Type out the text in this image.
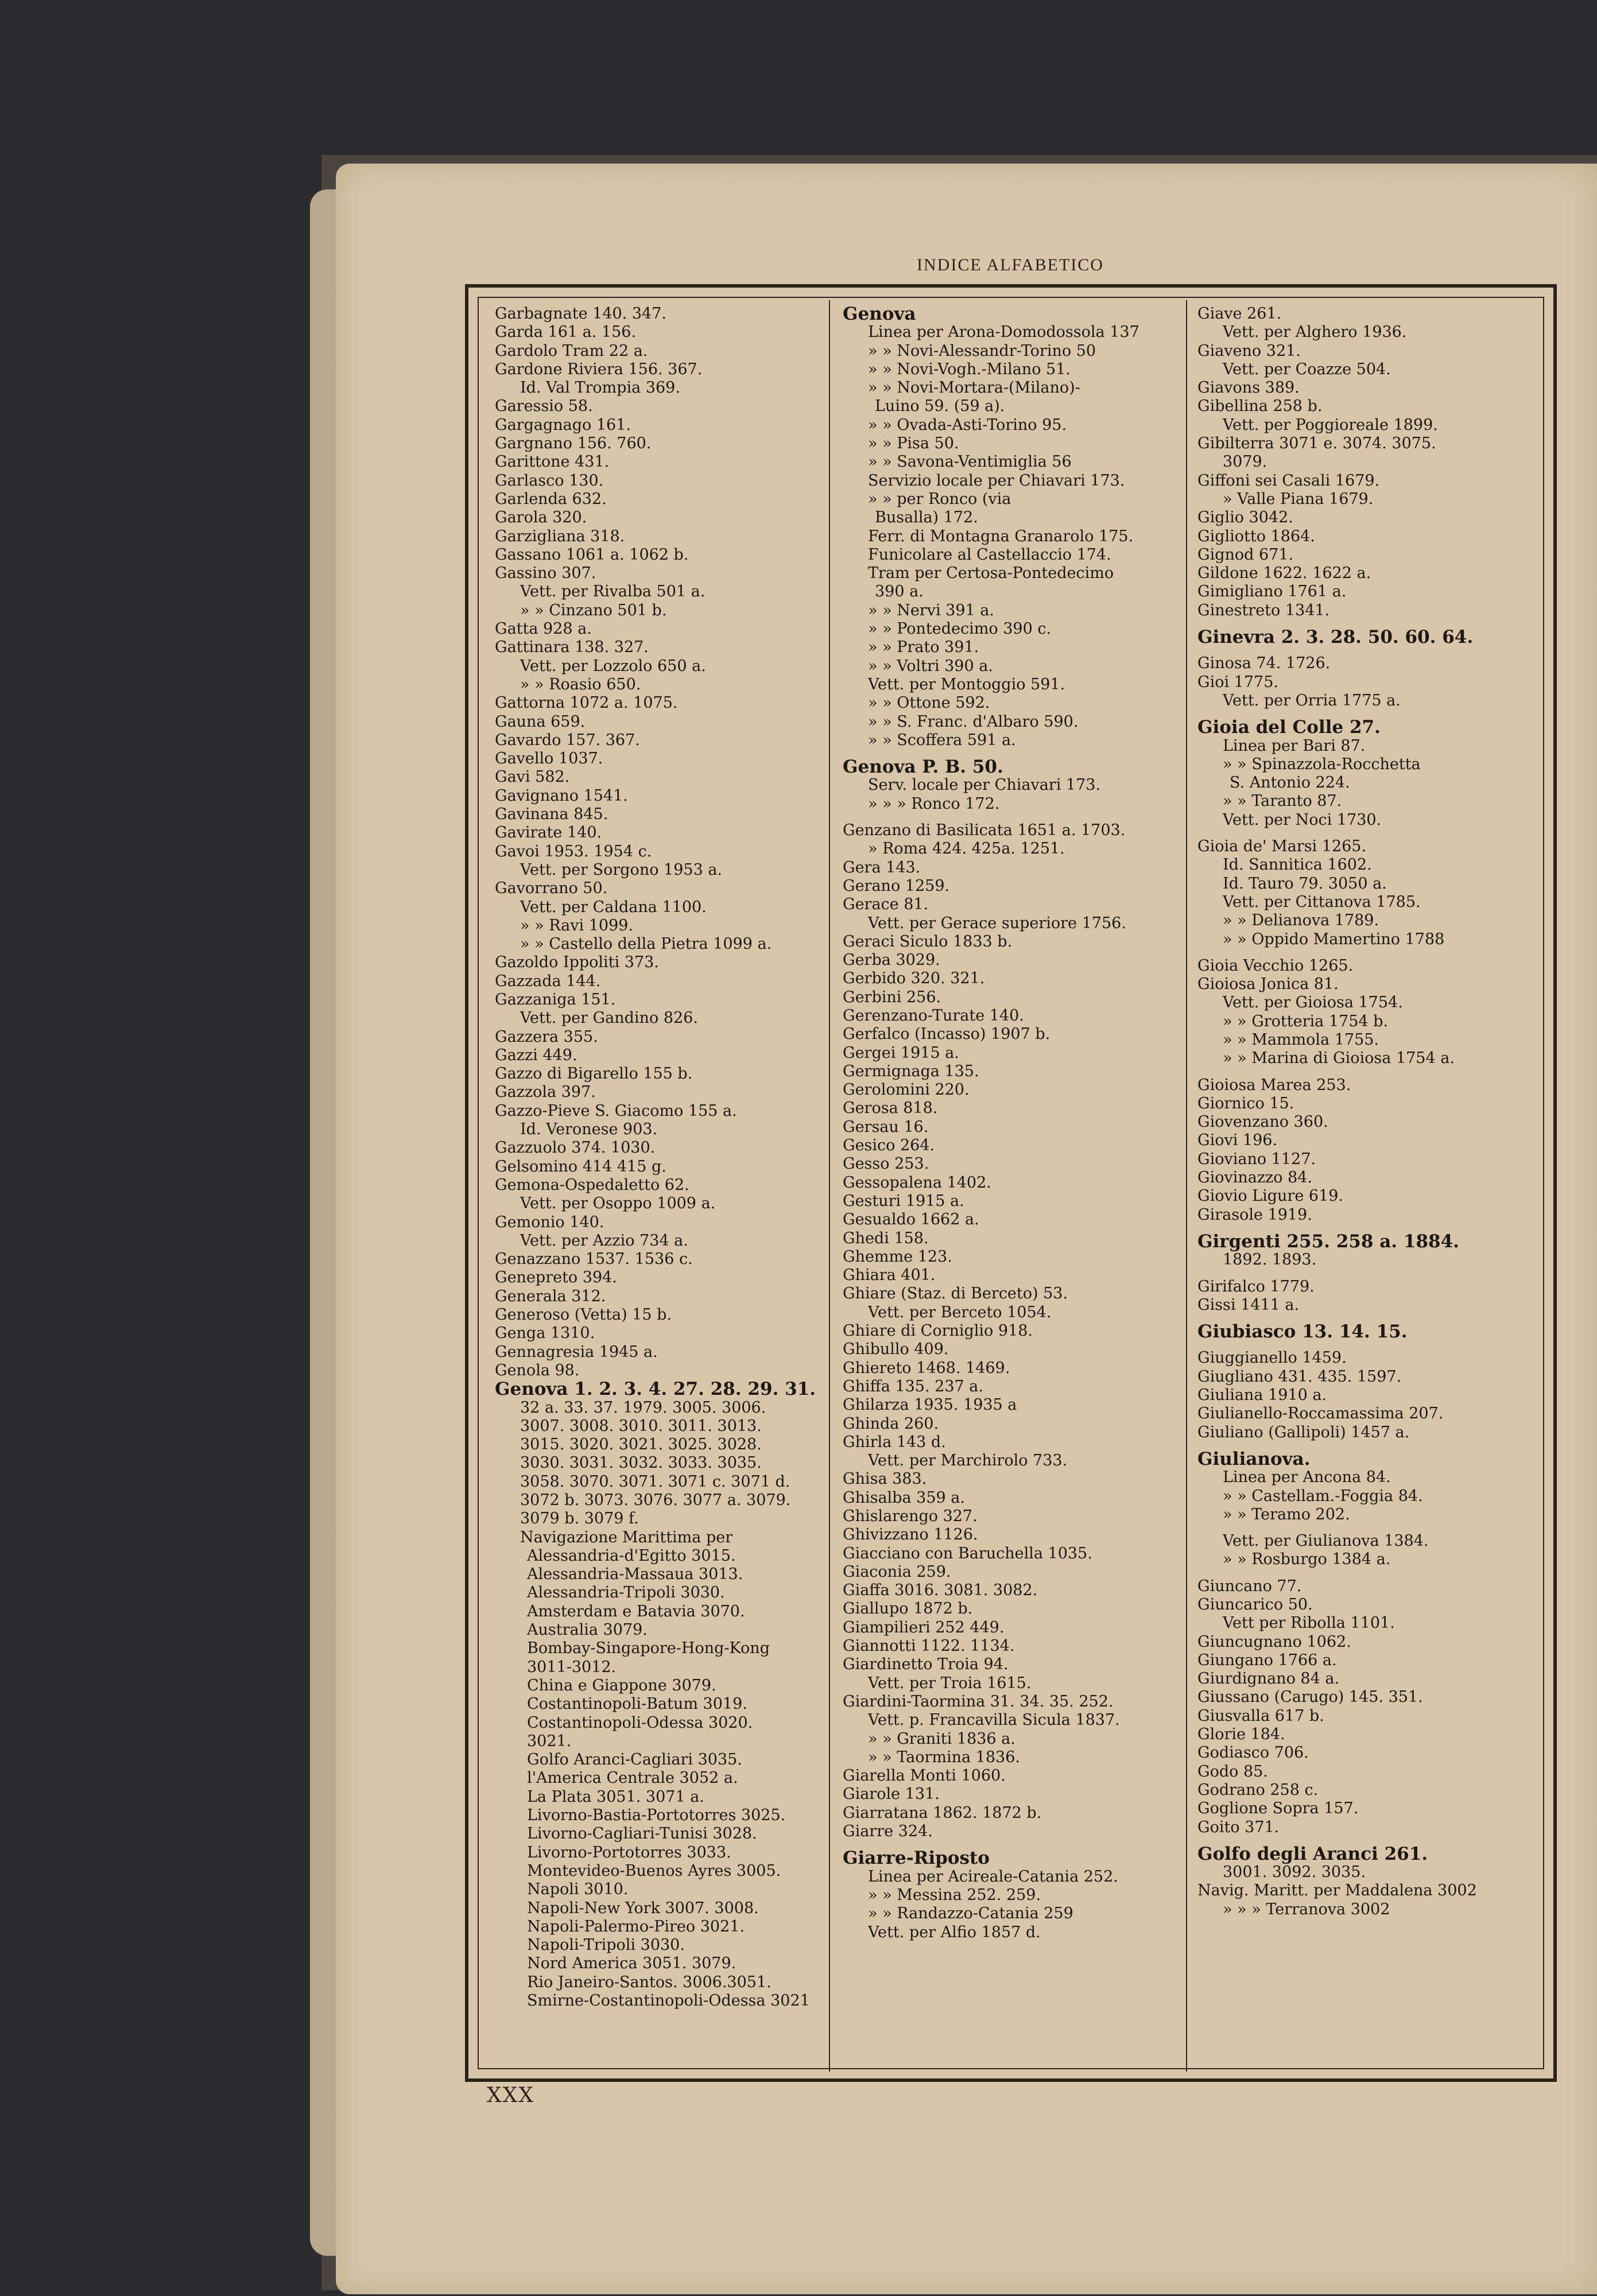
INDICE ALFABETICO
Garbagnate 140. 347.
Garda 161 a. 156.
Gardolo Tram 22 a.
Gardone Riviera 156. 367.
Id. Val Trompia 369.
Garessio 58.
Gargagnago 161.
Gargnano 156. 760.
Garittone 431.
Garlasco 130.
Garlenda 632.
Garola 320.
Garzigliana 318.
Gassano 1061 a. 1062 b.
Gassino 307.
Vett. per Rivalba 501 a.
» » Cinzano 501 b.
Gatta 928 a.
Gattinara 138. 327.
Vett. per Lozzolo 650 a.
» » Roasio 650.
Gattorna 1072 a. 1075.
Gauna 659.
Gavardo 157. 367.
Gavello 1037.
Gavi 582.
Gavignano 1541.
Gavinana 845.
Gavirate 140.
Gavoi 1953. 1954 c.
Vett. per Sorgono 1953 a.
Gavorrano 50.
Vett. per Caldana 1100.
» » Ravi 1099.
» » Castello della Pietra 1099 a.
Gazoldo Ippoliti 373.
Gazzada 144.
Gazzaniga 151.
Vett. per Gandino 826.
Gazzera 355.
Gazzi 449.
Gazzo di Bigarello 155 b.
Gazzola 397.
Gazzo-Pieve S. Giacomo 155 a.
Id. Veronese 903.
Gazzuolo 374. 1030.
Gelsomino 414 415 g.
Gemona-Ospedaletto 62.
Vett. per Osoppo 1009 a.
Gemonio 140.
Vett. per Azzio 734 a.
Genazzano 1537. 1536 c.
Genepreto 394.
Generala 312.
Generoso (Vetta) 15 b.
Genga 1310.
Gennagresia 1945 a.
Genola 98.
Genova 1. 2. 3. 4. 27. 28. 29. 31.
32 a. 33. 37. 1979. 3005. 3006.
3007. 3008. 3010. 3011. 3013.
3015. 3020. 3021. 3025. 3028.
3030. 3031. 3032. 3033. 3035.
3058. 3070. 3071. 3071 c. 3071 d.
3072 b. 3073. 3076. 3077 a. 3079.
3079 b. 3079 f.
Navigazione Marittima per
Alessandria-d'Egitto 3015.
Alessandria-Massaua 3013.
Alessandria-Tripoli 3030.
Amsterdam e Batavia 3070.
Australia 3079.
Bombay-Singapore-Hong-Kong
3011-3012.
China e Giappone 3079.
Costantinopoli-Batum 3019.
Costantinopoli-Odessa 3020.
3021.
Golfo Aranci-Cagliari 3035.
l'America Centrale 3052 a.
La Plata 3051. 3071 a.
Livorno-Bastia-Portotorres 3025.
Livorno-Cagliari-Tunisi 3028.
Livorno-Portotorres 3033.
Montevideo-Buenos Ayres 3005.
Napoli 3010.
Napoli-New York 3007. 3008.
Napoli-Palermo-Pireo 3021.
Napoli-Tripoli 3030.
Nord America 3051. 3079.
Rio Janeiro-Santos. 3006.3051.
Smirne-Costantinopoli-Odessa 3021
Genova
Linea per Arona-Domodossola 137
» » Novi-Alessandr-Torino 50
» » Novi-Vogh.-Milano 51.
» » Novi-Mortara-(Milano)-
Luino 59. (59 a).
» » Ovada-Asti-Torino 95.
» » Pisa 50.
» » Savona-Ventimiglia 56
Servizio locale per Chiavari 173.
» » per Ronco (via
Busalla) 172.
Ferr. di Montagna Granarolo 175.
Funicolare al Castellaccio 174.
Tram per Certosa-Pontedecimo
390 a.
» » Nervi 391 a.
» » Pontedecimo 390 c.
» » Prato 391.
» » Voltri 390 a.
Vett. per Montoggio 591.
» » Ottone 592.
» » S. Franc. d'Albaro 590.
» » Scoffera 591 a.
Genova P. B. 50.
Serv. locale per Chiavari 173.
» » » Ronco 172.
Genzano di Basilicata 1651 a. 1703.
» Roma 424. 425a. 1251.
Gera 143.
Gerano 1259.
Gerace 81.
Vett. per Gerace superiore 1756.
Geraci Siculo 1833 b.
Gerba 3029.
Gerbido 320. 321.
Gerbini 256.
Gerenzano-Turate 140.
Gerfalco (Incasso) 1907 b.
Gergei 1915 a.
Germignaga 135.
Gerolomini 220.
Gerosa 818.
Gersau 16.
Gesico 264.
Gesso 253.
Gessopalena 1402.
Gesturi 1915 a.
Gesualdo 1662 a.
Ghedi 158.
Ghemme 123.
Ghiara 401.
Ghiare (Staz. di Berceto) 53.
Vett. per Berceto 1054.
Ghiare di Corniglio 918.
Ghibullo 409.
Ghiereto 1468. 1469.
Ghiffa 135. 237 a.
Ghilarza 1935. 1935 a
Ghinda 260.
Ghirla 143 d.
Vett. per Marchirolo 733.
Ghisa 383.
Ghisalba 359 a.
Ghislarengo 327.
Ghivizzano 1126.
Giacciano con Baruchella 1035.
Giaconia 259.
Giaffa 3016. 3081. 3082.
Giallupo 1872 b.
Giampilieri 252 449.
Giannotti 1122. 1134.
Giardinetto Troia 94.
Vett. per Troia 1615.
Giardini-Taormina 31. 34. 35. 252.
Vett. p. Francavilla Sicula 1837.
» » Graniti 1836 a.
» » Taormina 1836.
Giarella Monti 1060.
Giarole 131.
Giarratana 1862. 1872 b.
Giarre 324.
Giarre-Riposto
Linea per Acireale-Catania 252.
» » Messina 252. 259.
» » Randazzo-Catania 259
Vett. per Alfio 1857 d.
Giave 261.
Vett. per Alghero 1936.
Giaveno 321.
Vett. per Coazze 504.
Giavons 389.
Gibellina 258 b.
Vett. per Poggioreale 1899.
Gibilterra 3071 e. 3074. 3075.
3079.
Giffoni sei Casali 1679.
» Valle Piana 1679.
Giglio 3042.
Gigliotto 1864.
Gignod 671.
Gildone 1622. 1622 a.
Gimigliano 1761 a.
Ginestreto 1341.
Ginevra 2. 3. 28. 50. 60. 64.
Ginosa 74. 1726.
Gioi 1775.
Vett. per Orria 1775 a.
Gioia del Colle 27.
Linea per Bari 87.
» » Spinazzola-Rocchetta
S. Antonio 224.
» » Taranto 87.
Vett. per Noci 1730.
Gioia de' Marsi 1265.
Id. Sannitica 1602.
Id. Tauro 79. 3050 a.
Vett. per Cittanova 1785.
» » Delianova 1789.
» » Oppido Mamertino 1788
Gioia Vecchio 1265.
Gioiosa Jonica 81.
Vett. per Gioiosa 1754.
» » Grotteria 1754 b.
» » Mammola 1755.
» » Marina di Gioiosa 1754 a.
Gioiosa Marea 253.
Giornico 15.
Giovenzano 360.
Giovi 196.
Gioviano 1127.
Giovinazzo 84.
Giovio Ligure 619.
Girasole 1919.
Girgenti 255. 258 a. 1884.
1892. 1893.
Girifalco 1779.
Gissi 1411 a.
Giubiasco 13. 14. 15.
Giuggianello 1459.
Giugliano 431. 435. 1597.
Giuliana 1910 a.
Giulianello-Roccamassima 207.
Giuliano (Gallipoli) 1457 a.
Giulianova.
Linea per Ancona 84.
» » Castellam.-Foggia 84.
» » Teramo 202.
Vett. per Giulianova 1384.
» » Rosburgo 1384 a.
Giuncano 77.
Giuncarico 50.
Vett per Ribolla 1101.
Giuncugnano 1062.
Giungano 1766 a.
Giurdignano 84 a.
Giussano (Carugo) 145. 351.
Giusvalla 617 b.
Glorie 184.
Godiasco 706.
Godo 85.
Godrano 258 c.
Goglione Sopra 157.
Goito 371.
Golfo degli Aranci 261.
3001. 3092. 3035.
Navig. Maritt. per Maddalena 3002
» » » Terranova 3002
XXX
